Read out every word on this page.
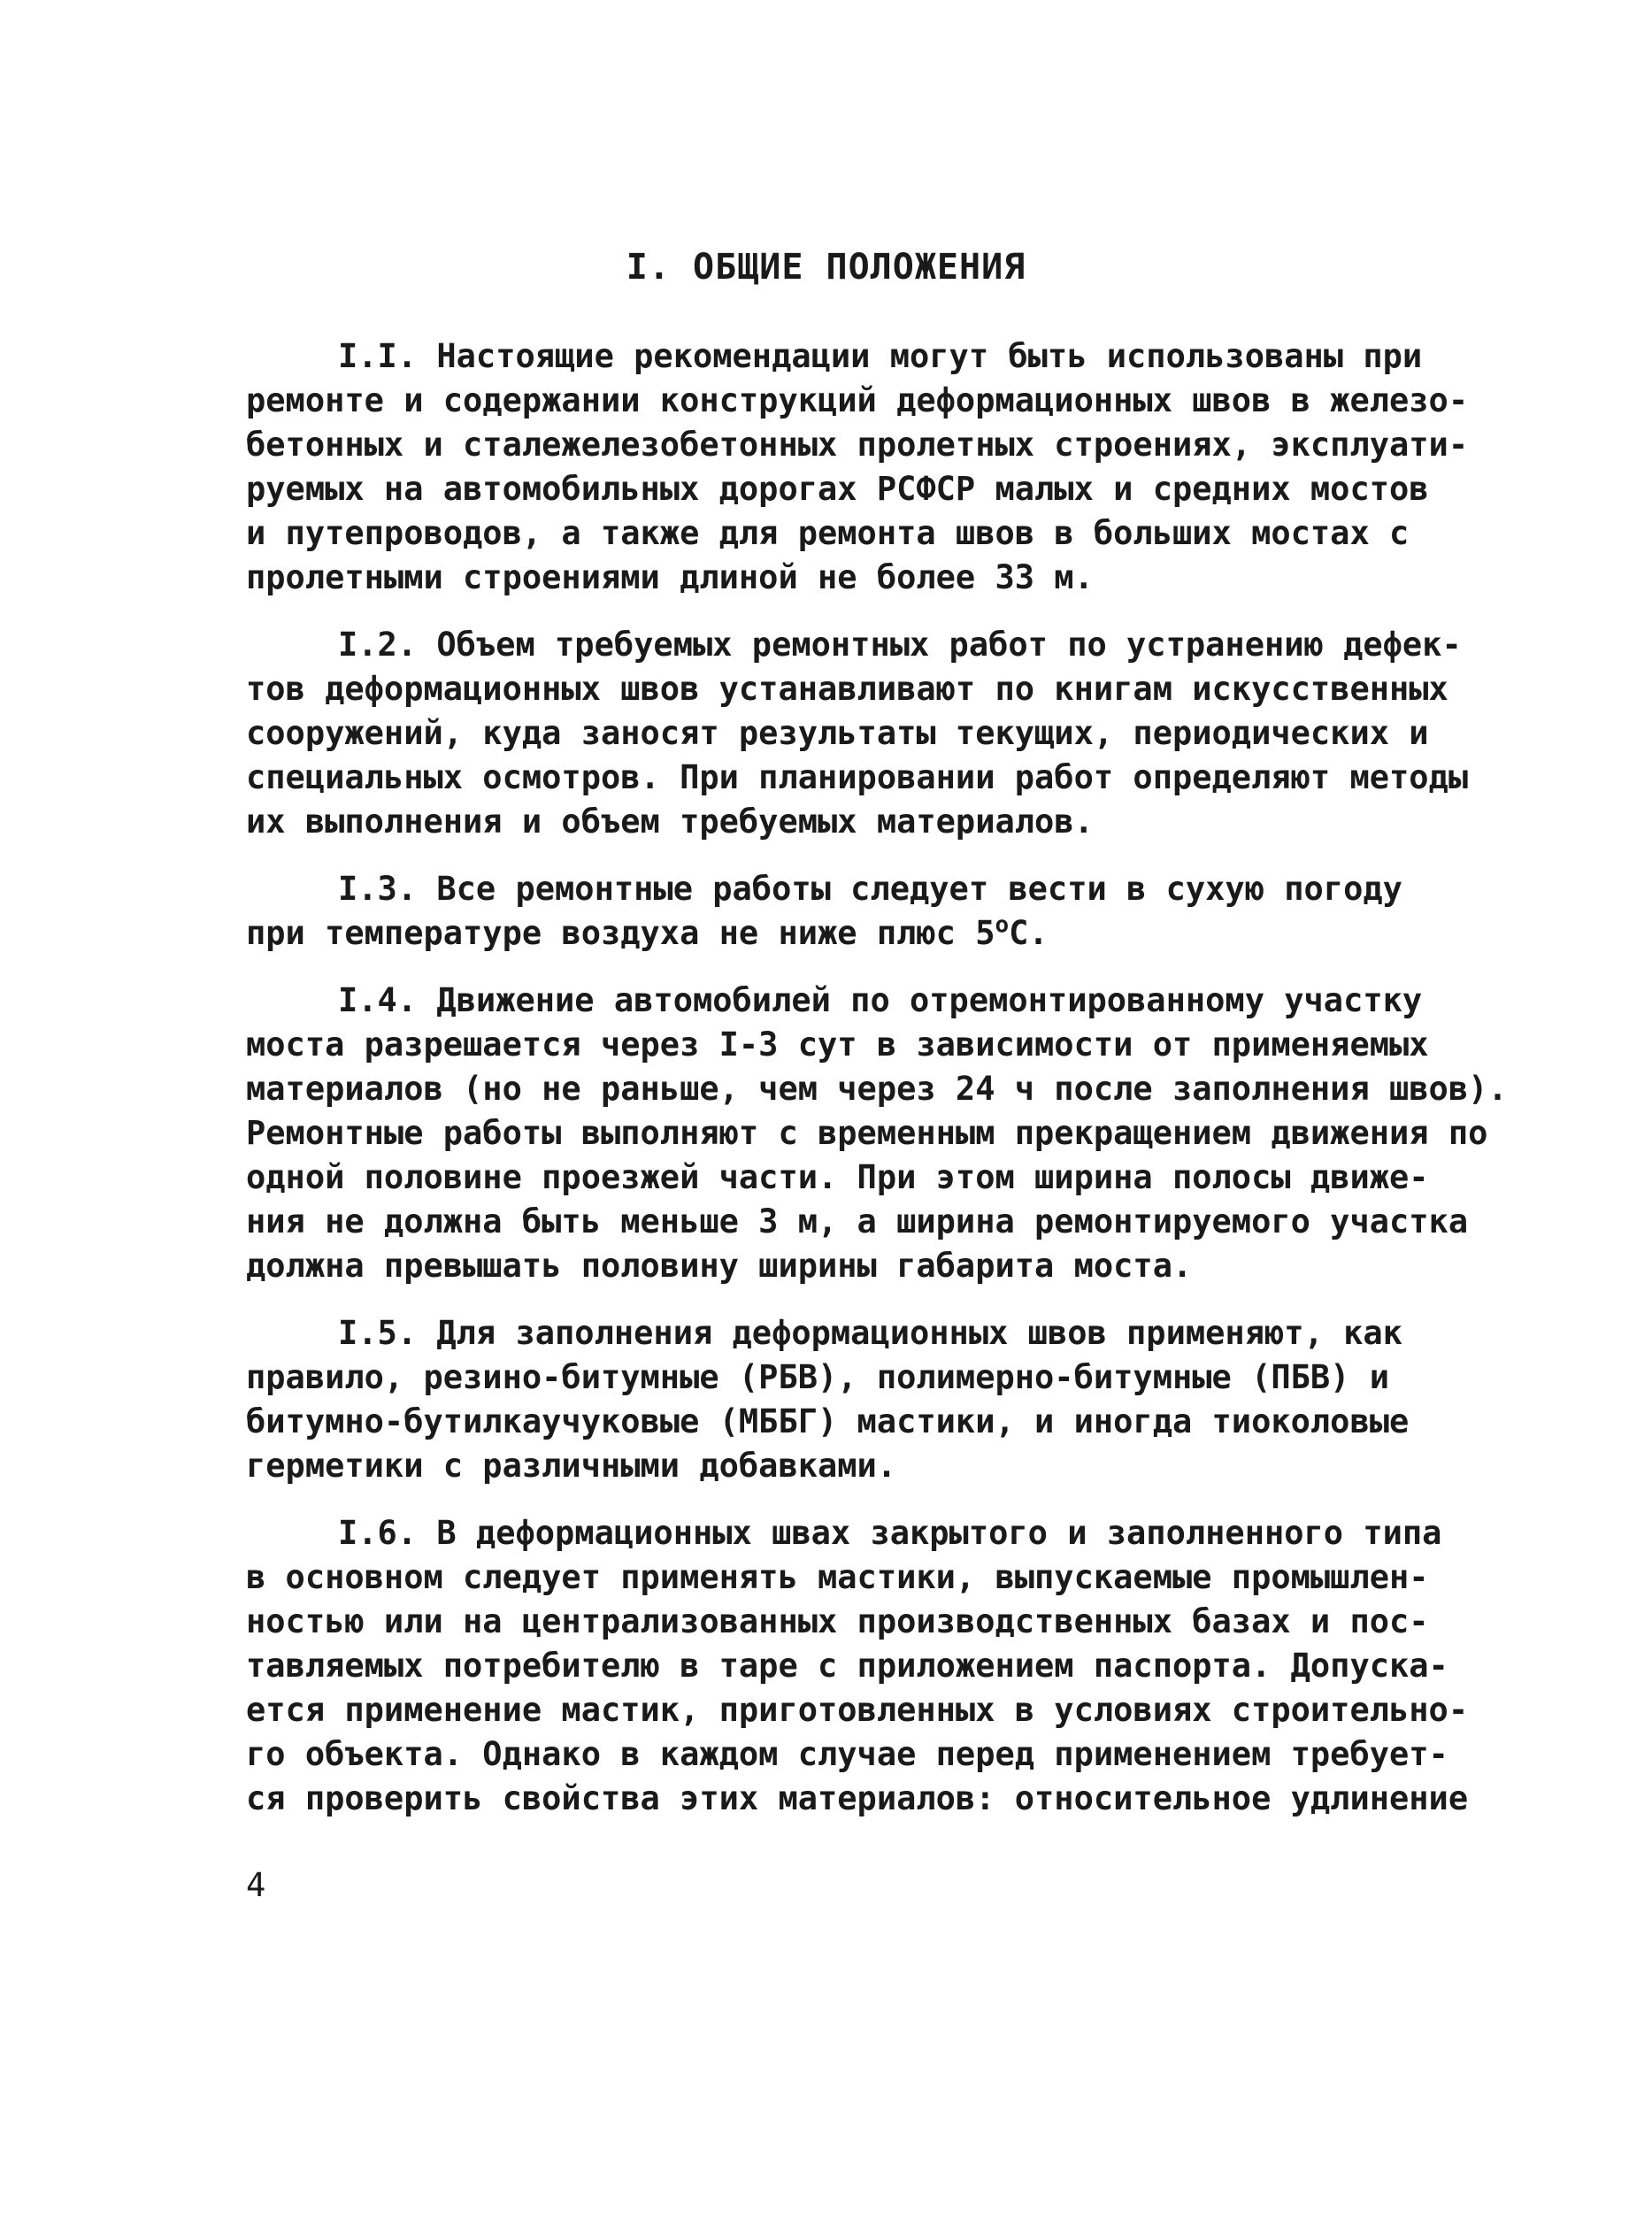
I. ОБЩИЕ ПОЛОЖЕНИЯ
I.I. Настоящие рекомендации могут быть использованы при
ремонте и содержании конструкций деформационных швов в железо-
бетонных и сталежелезобетонных пролетных строениях, эксплуати-
руемых на автомобильных дорогах РСФСР малых и средних мостов
и путепроводов, а также для ремонта швов в больших мостах с
пролетными строениями длиной не более 33 м.
I.2. Объем требуемых ремонтных работ по устранению дефек-
тов деформационных швов устанавливают по книгам искусственных
сооружений, куда заносят результаты текущих, периодических и
специальных осмотров. При планировании работ определяют методы
их выполнения и объем требуемых материалов.
I.3. Все ремонтные работы следует вести в сухую погоду
при температуре воздуха не ниже плюс $5^оС$.
I.4. Движение автомобилей по отремонтированному участку
моста разрешается через I-3 сут в зависимости от применяемых
материалов (но не раньше, чем через 24 ч после заполнения швов).
Ремонтные работы выполняют с временным прекращением движения по
одной половине проезжей части. При этом ширина полосы движе-
ния не должна быть меньше 3 м, а ширина ремонтируемого участка
должна превышать половину ширины габарита моста.
I.5. Для заполнения деформационных швов применяют, как
правило, резино-битумные (РБВ), полимерно-битумные (ПБВ) и
битумно-бутилкаучуковые (МББГ) мастики, и иногда тиоколовые
герметики с различными добавками.
I.6. В деформационных швах закрытого и заполненного типа
в основном следует применять мастики, выпускаемые промышлен-
ностью или на централизованных производственных базах и пос-
тавляемых потребителю в таре с приложением паспорта. Допуска-
ется применение мастик, приготовленных в условиях строительно-
го объекта. Однако в каждом случае перед применением требует-
ся проверить свойства этих материалов: относительное удлинение
4
